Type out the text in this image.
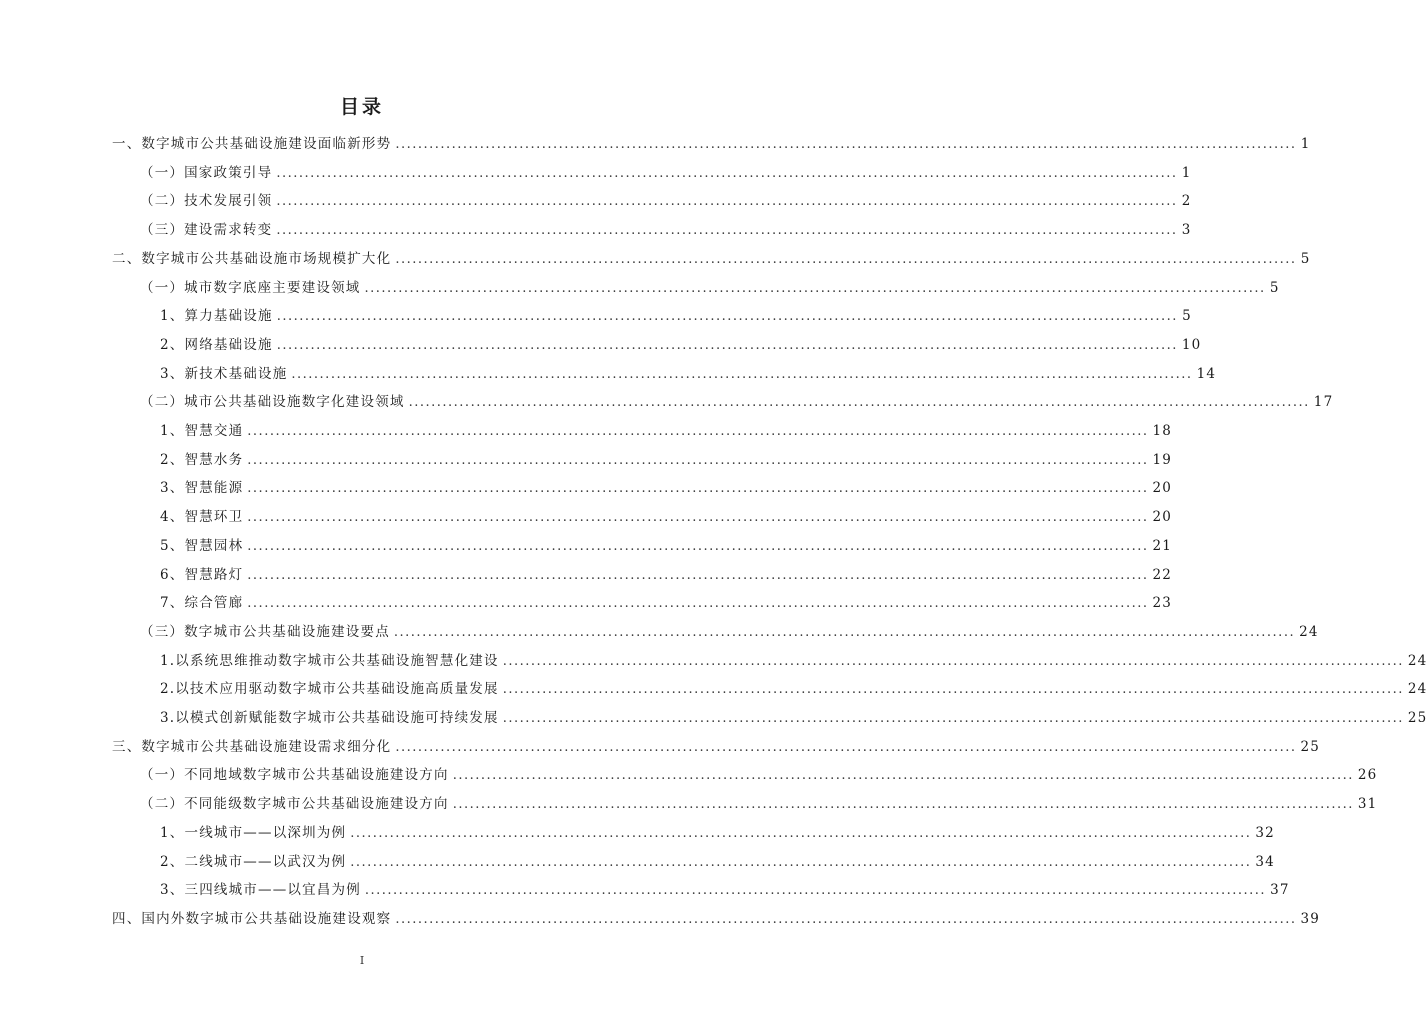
目录
一、数字城市公共基础设施建设面临新形势 ................................................................................................................................................................ 1
（一）国家政策引导 ................................................................................................................................................................ 1
（二）技术发展引领 ................................................................................................................................................................ 2
（三）建设需求转变 ................................................................................................................................................................ 3
二、数字城市公共基础设施市场规模扩大化 ................................................................................................................................................................ 5
（一）城市数字底座主要建设领域 ................................................................................................................................................................ 5
1、算力基础设施 ................................................................................................................................................................ 5
2、网络基础设施 ................................................................................................................................................................ 10
3、新技术基础设施 ................................................................................................................................................................ 14
（二）城市公共基础设施数字化建设领域 ................................................................................................................................................................ 17
1、智慧交通 ................................................................................................................................................................ 18
2、智慧水务 ................................................................................................................................................................ 19
3、智慧能源 ................................................................................................................................................................ 20
4、智慧环卫 ................................................................................................................................................................ 20
5、智慧园林 ................................................................................................................................................................ 21
6、智慧路灯 ................................................................................................................................................................ 22
7、综合管廊 ................................................................................................................................................................ 23
（三）数字城市公共基础设施建设要点 ................................................................................................................................................................ 24
1.以系统思维推动数字城市公共基础设施智慧化建设 ................................................................................................................................................................ 24
2.以技术应用驱动数字城市公共基础设施高质量发展 ................................................................................................................................................................ 24
3.以模式创新赋能数字城市公共基础设施可持续发展 ................................................................................................................................................................ 25
三、数字城市公共基础设施建设需求细分化 ................................................................................................................................................................ 25
（一）不同地域数字城市公共基础设施建设方向 ................................................................................................................................................................ 26
（二）不同能级数字城市公共基础设施建设方向 ................................................................................................................................................................ 31
1、一线城市——以深圳为例 ................................................................................................................................................................ 32
2、二线城市——以武汉为例 ................................................................................................................................................................ 34
3、三四线城市——以宜昌为例 ................................................................................................................................................................ 37
四、国内外数字城市公共基础设施建设观察 ................................................................................................................................................................ 39
I
